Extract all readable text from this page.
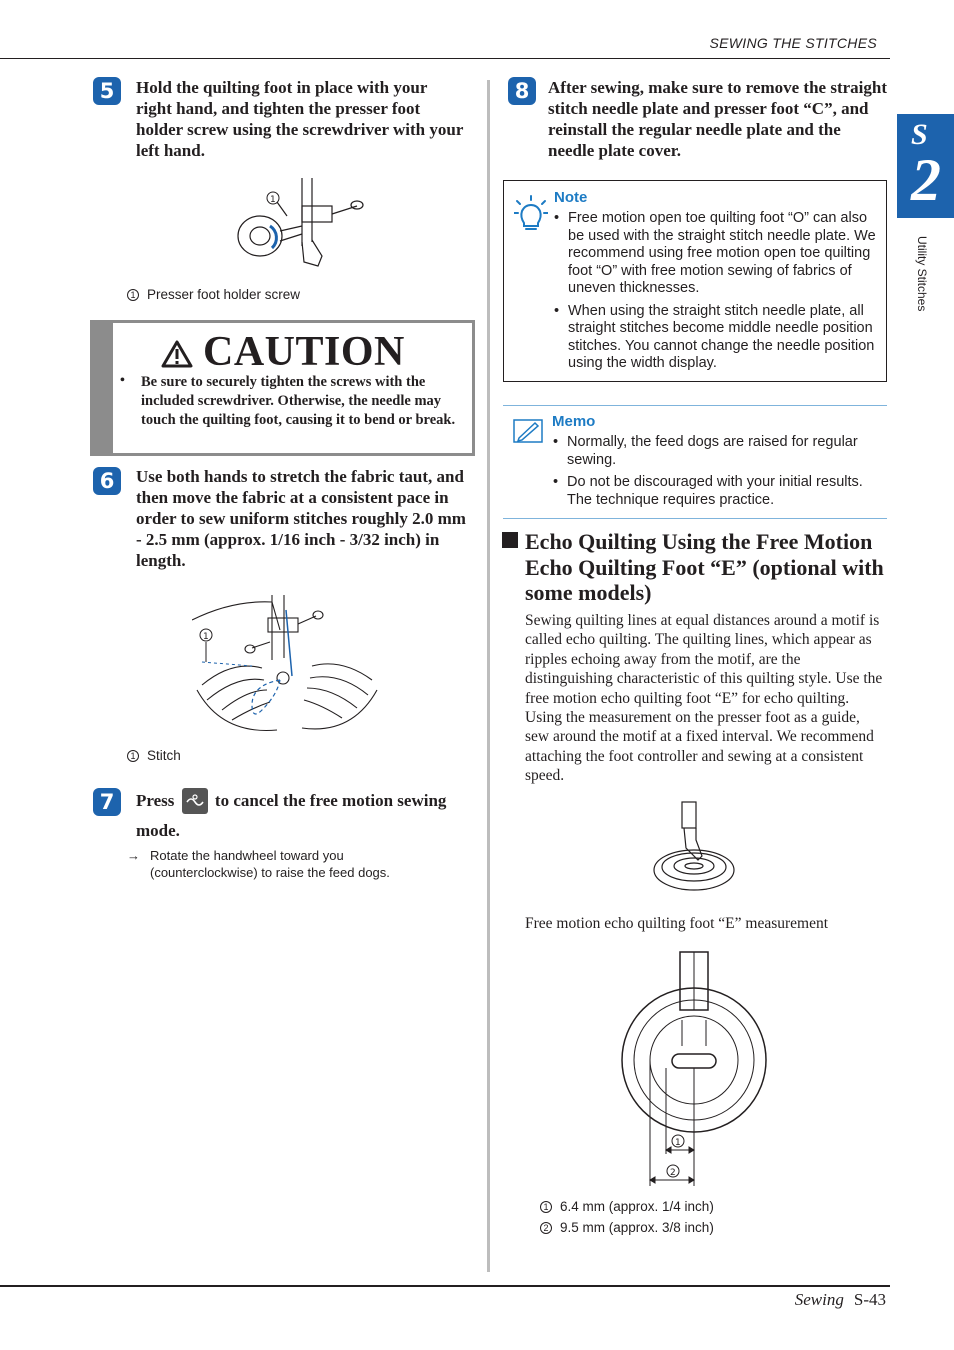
SEWING THE STITCHES
S
2
Utility Stitches
5	Hold the quilting foot in place with your right hand, and tighten the presser foot holder screw using the screwdriver with your left hand.
1
1 Presser foot holder screw
CAUTION
• Be sure to securely tighten the screws with the included screwdriver. Otherwise, the needle may touch the quilting foot, causing it to bend or break.
6	Use both hands to stretch the fabric taut, and then move the fabric at a consistent pace in order to sew uniform stitches roughly 2.0 mm - 2.5 mm (approx. 1/16 inch - 3/32 inch) in length.
1
1 Stitch
7	Press to cancel the free motion sewing mode.
→ Rotate the handwheel toward you (counterclockwise) to raise the feed dogs.
8	After sewing, make sure to remove the straight stitch needle plate and presser foot “C”, and reinstall the regular needle plate and the needle plate cover.
Note
• Free motion open toe quilting foot “O” can also be used with the straight stitch needle plate. We recommend using free motion open toe quilting foot “O” with free motion sewing of fabrics of uneven thicknesses.
• When using the straight stitch needle plate, all straight stitches become middle needle position stitches. You cannot change the needle position using the width display.
Memo
• Normally, the feed dogs are raised for regular sewing.
• Do not be discouraged with your initial results. The technique requires practice.
Echo Quilting Using the Free Motion Echo Quilting Foot “E” (optional with some models)
Sewing quilting lines at equal distances around a motif is called echo quilting. The quilting lines, which appear as ripples echoing away from the motif, are the distinguishing characteristic of this quilting style. Use the free motion echo quilting foot “E” for echo quilting. Using the measurement on the presser foot as a guide, sew around the motif at a fixed interval. We recommend attaching the foot controller and sewing at a consistent speed.
Free motion echo quilting foot “E” measurement
1
2
1 6.4 mm (approx. 1/4 inch)
2 9.5 mm (approx. 3/8 inch)
Sewing S-43
